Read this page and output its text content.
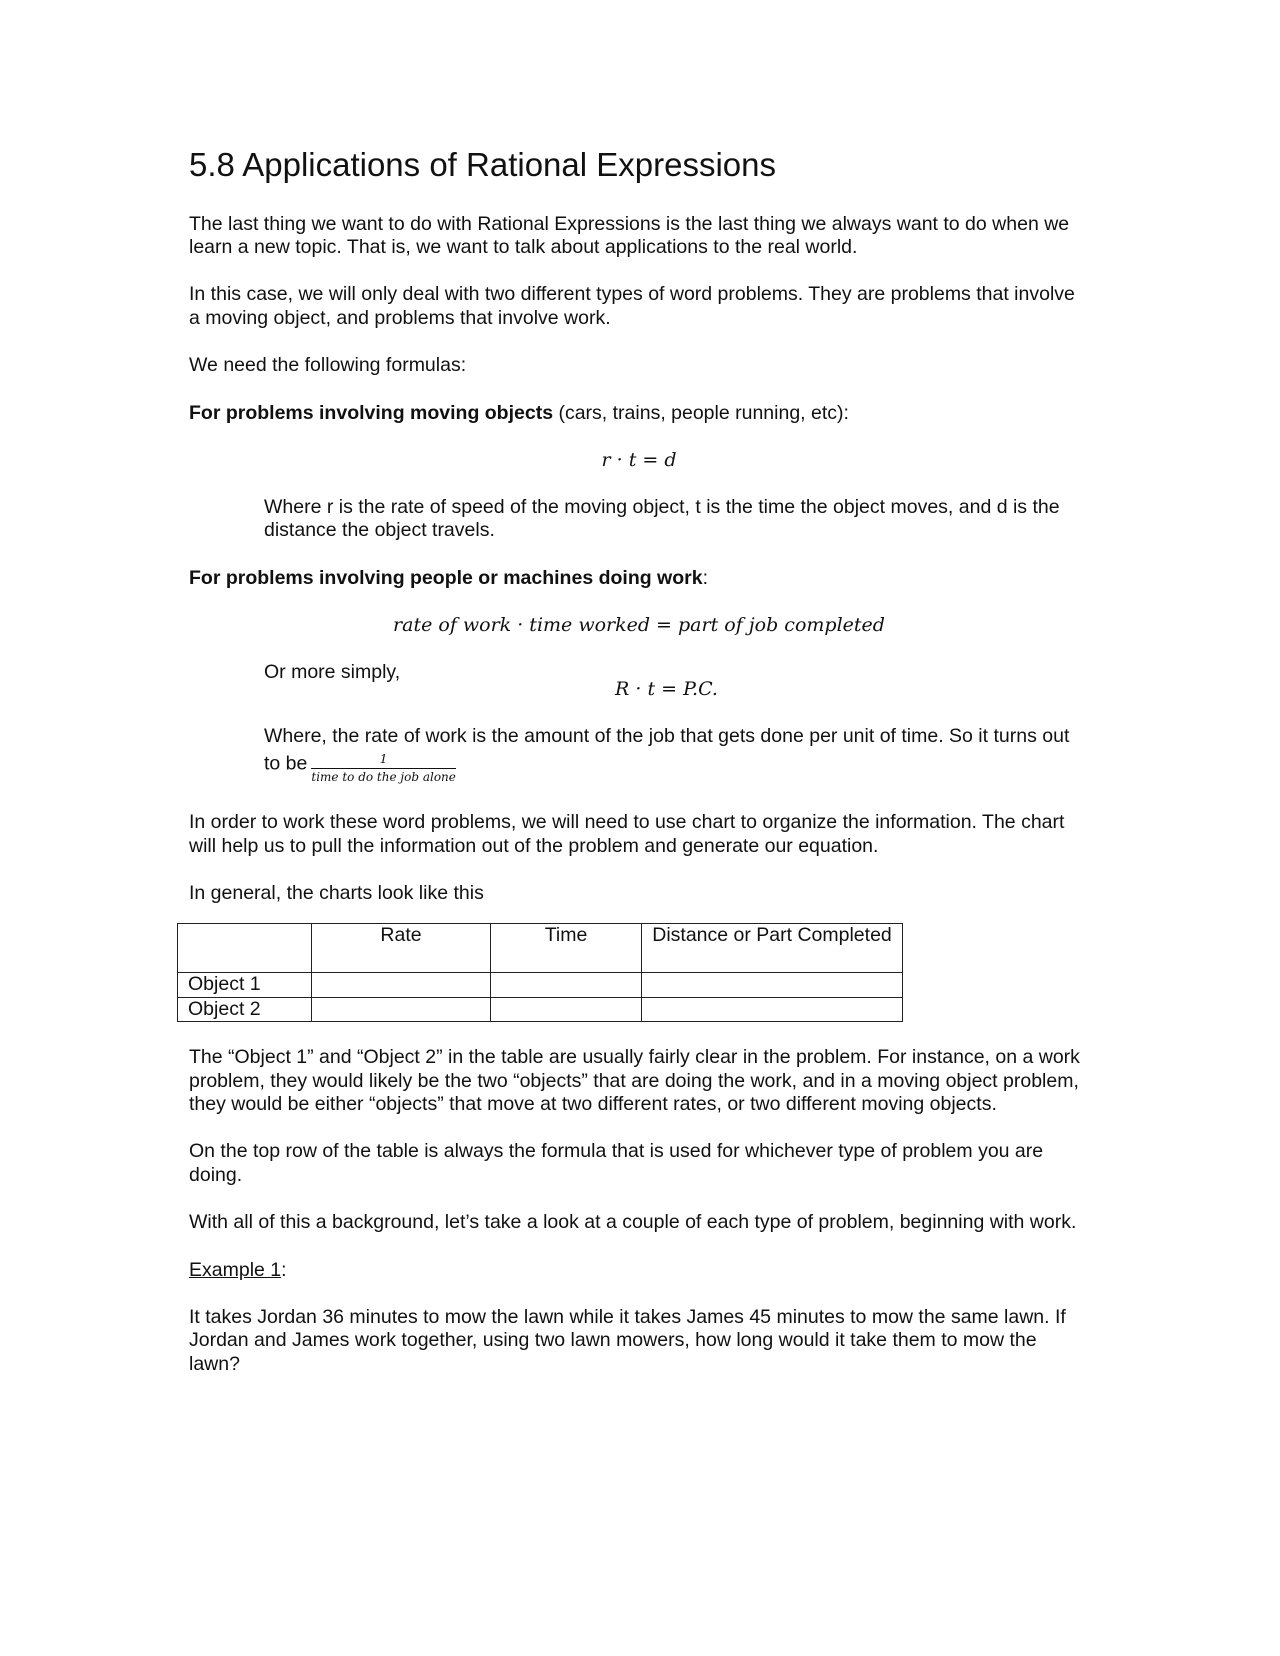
5.8 Applications of Rational Expressions

The last thing we want to do with Rational Expressions is the last thing we always want to do when we learn a new topic. That is, we want to talk about applications to the real world.

In this case, we will only deal with two different types of word problems. They are problems that involve a moving object, and problems that involve work.

We need the following formulas:

For problems involving moving objects (cars, trains, people running, etc):

r · t = d

Where r is the rate of speed of the moving object, t is the time the object moves, and d is the distance the object travels.

For problems involving people or machines doing work:

rate of work · time worked = part of job completed

Or more simply,

R · t = P.C.

Where, the rate of work is the amount of the job that gets done per unit of time. So it turns out to be $\frac{1}{\text{time to do the job alone}}$

In order to work these word problems, we will need to use chart to organize the information. The chart will help us to pull the information out of the problem and generate our equation.

In general, the charts look like this

	Rate	Time	Distance or Part Completed
Object 1			
Object 2			

The “Object 1” and “Object 2” in the table are usually fairly clear in the problem. For instance, on a work problem, they would likely be the two “objects” that are doing the work, and in a moving object problem, they would be either “objects” that move at two different rates, or two different moving objects.

On the top row of the table is always the formula that is used for whichever type of problem you are doing.

With all of this a background, let’s take a look at a couple of each type of problem, beginning with work.

Example 1:

It takes Jordan 36 minutes to mow the lawn while it takes James 45 minutes to mow the same lawn. If Jordan and James work together, using two lawn mowers, how long would it take them to mow the lawn?
